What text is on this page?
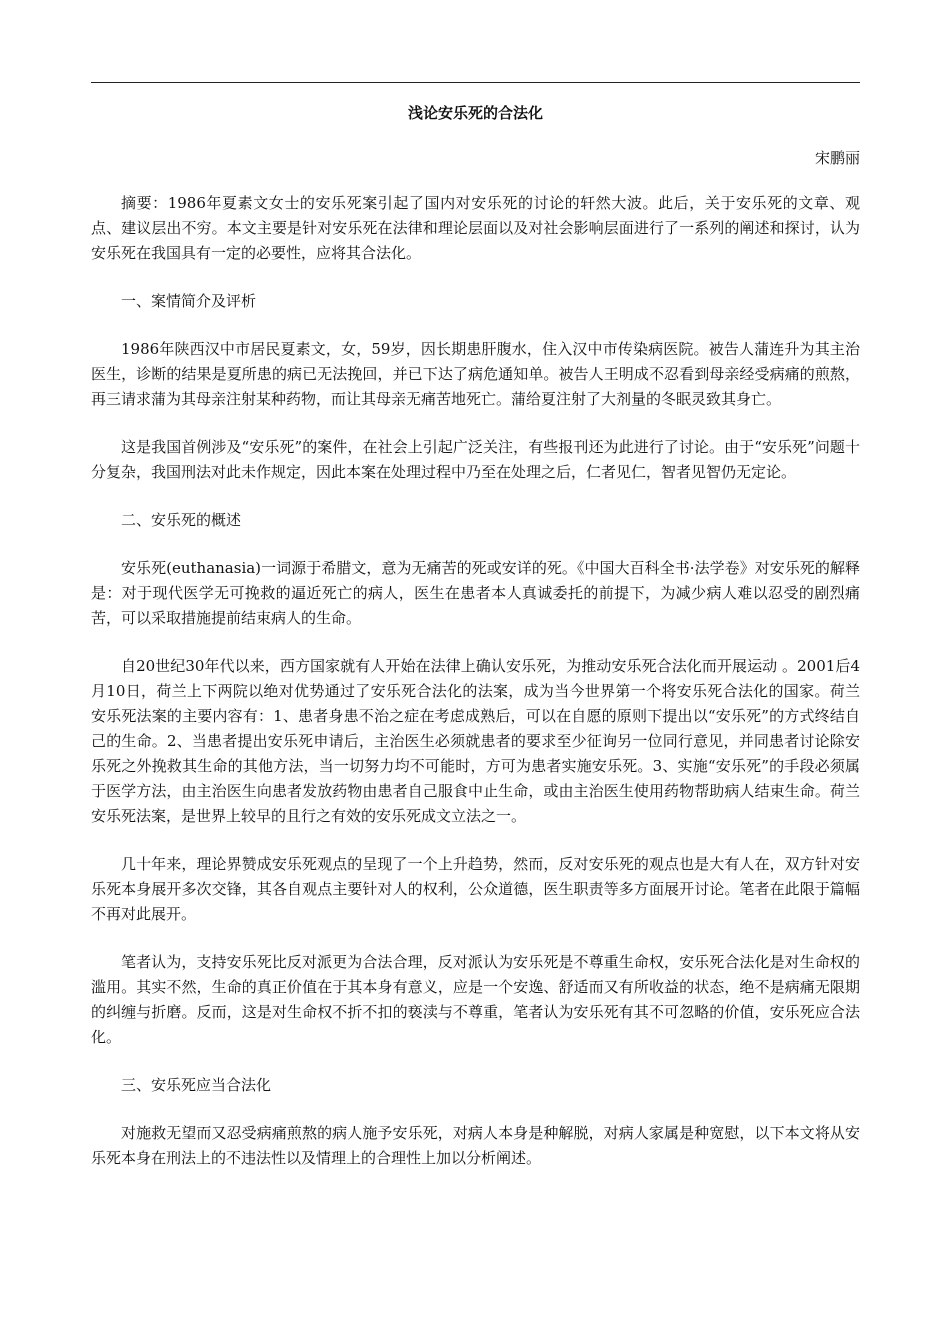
浅论安乐死的合法化
宋鹏丽

摘要：1986年夏素文女士的安乐死案引起了国内对安乐死的讨论的轩然大波。此后，关于安乐死的文章、观点、建议层出不穷。本文主要是针对安乐死在法律和理论层面以及对社会影响层面进行了一系列的阐述和探讨，认为安乐死在我国具有一定的必要性，应将其合法化。

一、案情简介及评析

1986年陕西汉中市居民夏素文，女，59岁，因长期患肝腹水，住入汉中市传染病医院。被告人蒲连升为其主治医生，诊断的结果是夏所患的病已无法挽回，并已下达了病危通知单。被告人王明成不忍看到母亲经受病痛的煎熬，再三请求蒲为其母亲注射某种药物，而让其母亲无痛苦地死亡。蒲给夏注射了大剂量的冬眠灵致其身亡。

这是我国首例涉及“安乐死”的案件，在社会上引起广泛关注，有些报刊还为此进行了讨论。由于“安乐死”问题十分复杂，我国刑法对此未作规定，因此本案在处理过程中乃至在处理之后，仁者见仁，智者见智仍无定论。

二、安乐死的概述

安乐死(euthanasia)一词源于希腊文，意为无痛苦的死或安详的死。《中国大百科全书·法学卷》对安乐死的解释是：对于现代医学无可挽救的逼近死亡的病人，医生在患者本人真诚委托的前提下，为减少病人难以忍受的剧烈痛苦，可以采取措施提前结束病人的生命。

自20世纪30年代以来，西方国家就有人开始在法律上确认安乐死，为推动安乐死合法化而开展运动 。2001后4月10日，荷兰上下两院以绝对优势通过了安乐死合法化的法案，成为当今世界第一个将安乐死合法化的国家。荷兰安乐死法案的主要内容有：1、患者身患不治之症在考虑成熟后，可以在自愿的原则下提出以“安乐死”的方式终结自己的生命。2、当患者提出安乐死申请后，主治医生必须就患者的要求至少征询另一位同行意见，并同患者讨论除安乐死之外挽救其生命的其他方法，当一切努力均不可能时，方可为患者实施安乐死。3、实施“安乐死”的手段必须属于医学方法，由主治医生向患者发放药物由患者自己服食中止生命，或由主治医生使用药物帮助病人结束生命。荷兰安乐死法案，是世界上较早的且行之有效的安乐死成文立法之一。

几十年来，理论界赞成安乐死观点的呈现了一个上升趋势，然而，反对安乐死的观点也是大有人在，双方针对安乐死本身展开多次交锋，其各自观点主要针对人的权利，公众道德，医生职责等多方面展开讨论。笔者在此限于篇幅不再对此展开。

笔者认为，支持安乐死比反对派更为合法合理，反对派认为安乐死是不尊重生命权，安乐死合法化是对生命权的滥用。其实不然，生命的真正价值在于其本身有意义，应是一个安逸、舒适而又有所收益的状态，绝不是病痛无限期的纠缠与折磨。反而，这是对生命权不折不扣的亵渎与不尊重，笔者认为安乐死有其不可忽略的价值，安乐死应合法化。

三、安乐死应当合法化

对施救无望而又忍受病痛煎熬的病人施予安乐死，对病人本身是种解脱，对病人家属是种宽慰，以下本文将从安乐死本身在刑法上的不违法性以及情理上的合理性上加以分析阐述。
